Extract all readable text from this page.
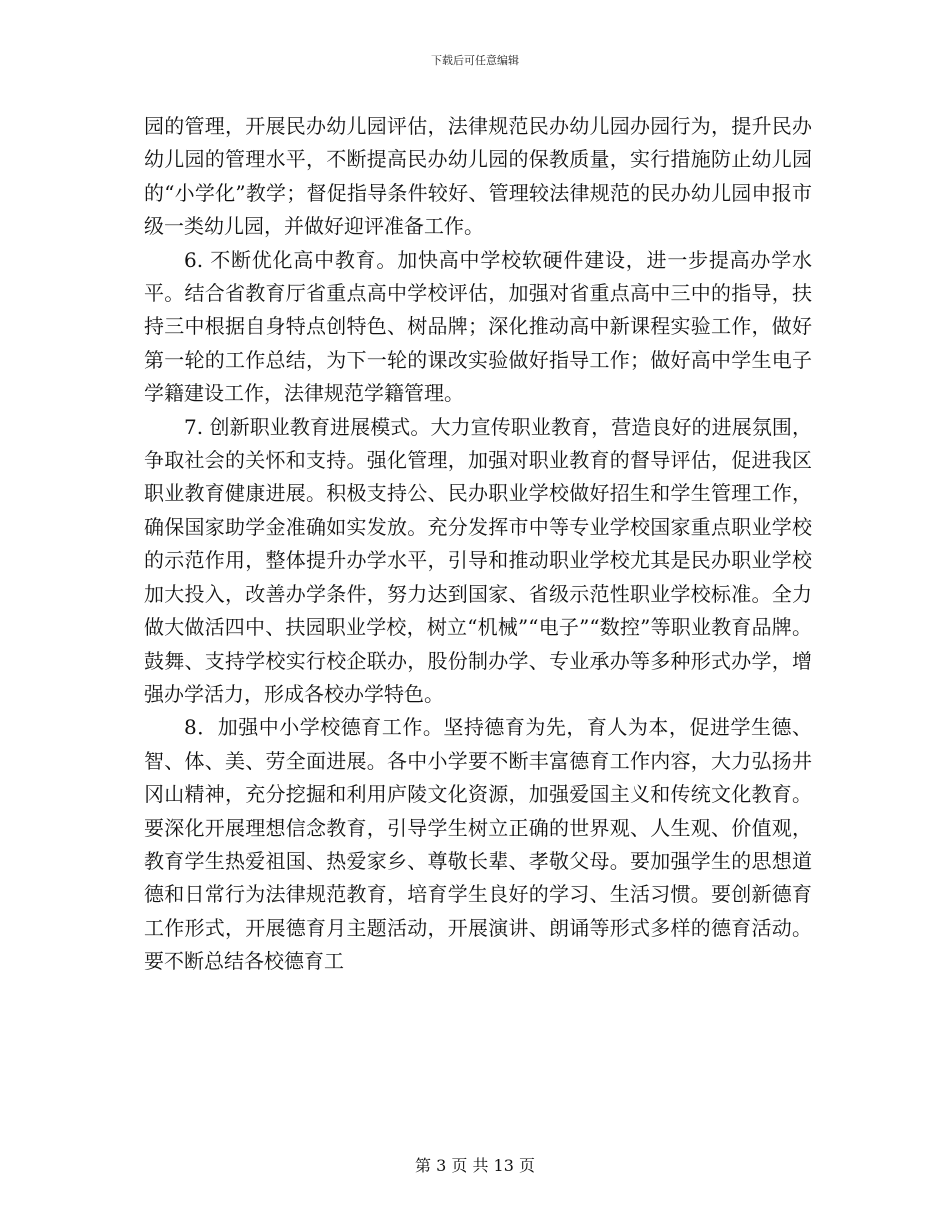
下载后可任意编辑

园的管理，开展民办幼儿园评估，法律规范民办幼儿园办园行为，提升民办幼儿园的管理水平，不断提高民办幼儿园的保教质量，实行措施防止幼儿园的“小学化”教学；督促指导条件较好、管理较法律规范的民办幼儿园申报市级一类幼儿园，并做好迎评准备工作。

6. 不断优化高中教育。加快高中学校软硬件建设，进一步提高办学水平。结合省教育厅省重点高中学校评估，加强对省重点高中三中的指导，扶持三中根据自身特点创特色、树品牌；深化推动高中新课程实验工作，做好第一轮的工作总结，为下一轮的课改实验做好指导工作；做好高中学生电子学籍建设工作，法律规范学籍管理。

7. 创新职业教育进展模式。大力宣传职业教育，营造良好的进展氛围，争取社会的关怀和支持。强化管理，加强对职业教育的督导评估，促进我区职业教育健康进展。积极支持公、民办职业学校做好招生和学生管理工作，确保国家助学金准确如实发放。充分发挥市中等专业学校国家重点职业学校的示范作用，整体提升办学水平，引导和推动职业学校尤其是民办职业学校加大投入，改善办学条件，努力达到国家、省级示范性职业学校标准。全力做大做活四中、扶园职业学校，树立“机械”“电子”“数控”等职业教育品牌。鼓舞、支持学校实行校企联办，股份制办学、专业承办等多种形式办学，增强办学活力，形成各校办学特色。

8．加强中小学校德育工作。坚持德育为先，育人为本，促进学生德、智、体、美、劳全面进展。各中小学要不断丰富德育工作内容，大力弘扬井冈山精神，充分挖掘和利用庐陵文化资源，加强爱国主义和传统文化教育。要深化开展理想信念教育，引导学生树立正确的世界观、人生观、价值观，教育学生热爱祖国、热爱家乡、尊敬长辈、孝敬父母。要加强学生的思想道德和日常行为法律规范教育，培育学生良好的学习、生活习惯。要创新德育工作形式，开展德育月主题活动，开展演讲、朗诵等形式多样的德育活动。要不断总结各校德育工

第 3 页 共 13 页
